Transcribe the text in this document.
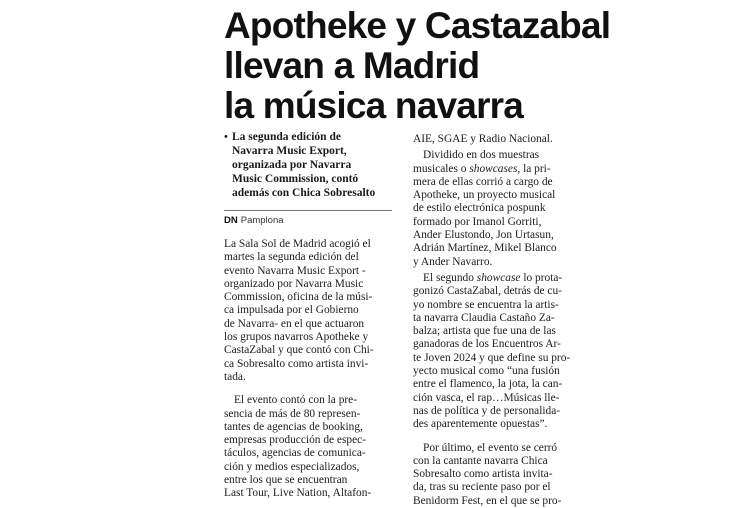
Apotheke y Castazabal
llevan a Madrid
la música navarra
• La segunda edición de
Navarra Music Export,
organizada por Navarra
Music Commission, contó
además con Chica Sobresalto
DN Pamplona

La Sala Sol de Madrid acogió el
martes la segunda edición del
evento Navarra Music Export -
organizado por Navarra Music
Commission, oficina de la músi-
ca impulsada por el Gobierno
de Navarra- en el que actuaron
los grupos navarros Apotheke y
CastaZabal y que contó con Chi-
ca Sobresalto como artista invi-
tada.

El evento contó con la pre-
sencia de más de 80 represen-
tantes de agencias de booking,
empresas producción de espec-
táculos, agencias de comunica-
ción y medios especializados,
entre los que se encuentran
Last Tour, Live Nation, Altafon-

AIE, SGAE y Radio Nacional.

Dividido en dos muestras
musicales o showcases, la pri-
mera de ellas corrió a cargo de
Apotheke, un proyecto musical
de estilo electrónica pospunk
formado por Imanol Gorriti,
Ander Elustondo, Jon Urtasun,
Adrián Martínez, Mikel Blanco
y Ander Navarro.

El segundo showcase lo prota-
gonizó CastaZabal, detrás de cu-
yo nombre se encuentra la artis-
ta navarra Claudia Castaño Za-
balza; artista que fue una de las
ganadoras de los Encuentros Ar-
te Joven 2024 y que define su pro-
yecto musical como “una fusión
entre el flamenco, la jota, la can-
ción vasca, el rap…Músicas lle-
nas de política y de personalida-
des aparentemente opuestas”.

Por último, el evento se cerró
con la cantante navarra Chica
Sobresalto como artista invita-
da, tras su reciente paso por el
Benidorm Fest, en el que se pro-
